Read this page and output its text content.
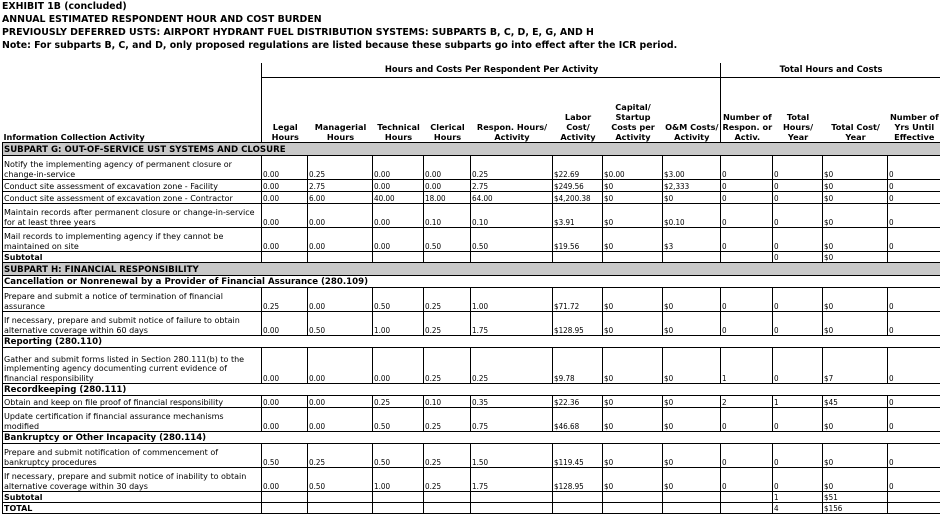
EXHIBIT 1B (concluded)
ANNUAL ESTIMATED RESPONDENT HOUR AND COST BURDEN
PREVIOUSLY DEFERRED USTS: AIRPORT HYDRANT FUEL DISTRIBUTION SYSTEMS: SUBPARTS B, C, D, E, G, AND H
Note: For subparts B, C, and D, only proposed regulations are listed because these subparts go into effect after the ICR period.
	Hours and Costs Per Respondent Per Activity								Total Hours and Costs			
Information Collection Activity	Legal Hours	Managerial Hours	Technical Hours	Clerical Hours	Respon. Hours/ Activity	Labor Cost/ Activity	Capital/ Startup Costs per Activity	O&M Costs/ Activity	Number of Respon. or Activ.	Total Hours/ Year	Total Cost/ Year	Number of Yrs Until Effective
SUBPART G: OUT-OF-SERVICE UST SYSTEMS AND CLOSURE												
Notify the implementing agency of permanent closure or change-in-service	0.00	0.25	0.00	0.00	0.25	$22.69	$0.00	$3.00	0	0	$0	0
Conduct site assessment of excavation zone - Facility	0.00	2.75	0.00	0.00	2.75	$249.56	$0	$2,333	0	0	$0	0
Conduct site assessment of excavation zone - Contractor	0.00	6.00	40.00	18.00	64.00	$4,200.38	$0	$0	0	0	$0	0
Maintain records after permanent closure or change-in-service for at least three years	0.00	0.00	0.00	0.10	0.10	$3.91	$0	$0.10	0	0	$0	0
Mail records to implementing agency if they cannot be maintained on site	0.00	0.00	0.00	0.50	0.50	$19.56	$0	$3	0	0	$0	0
Subtotal										0	$0	
SUBPART H: FINANCIAL RESPONSIBILITY												
Cancellation or Nonrenewal by a Provider of Financial Assurance (280.109)												
Prepare and submit a notice of termination of financial assurance	0.25	0.00	0.50	0.25	1.00	$71.72	$0	$0	0	0	$0	0
If necessary, prepare and submit notice of failure to obtain alternative coverage within 60 days	0.00	0.50	1.00	0.25	1.75	$128.95	$0	$0	0	0	$0	0
Reporting (280.110)												
Gather and submit forms listed in Section 280.111(b) to the implementing agency documenting current evidence of financial responsibility	0.00	0.00	0.00	0.25	0.25	$9.78	$0	$0	1	0	$7	0
Recordkeeping (280.111)												
Obtain and keep on file proof of financial responsibility	0.00	0.00	0.25	0.10	0.35	$22.36	$0	$0	2	1	$45	0
Update certification if financial assurance mechanisms modified	0.00	0.00	0.50	0.25	0.75	$46.68	$0	$0	0	0	$0	0
Bankruptcy or Other Incapacity (280.114)												
Prepare and submit notification of commencement of bankruptcy procedures	0.50	0.25	0.50	0.25	1.50	$119.45	$0	$0	0	0	$0	0
If necessary, prepare and submit notice of inability to obtain alternative coverage within 30 days	0.00	0.50	1.00	0.25	1.75	$128.95	$0	$0	0	0	$0	0
Subtotal										1	$51	
TOTAL										4	$156	
